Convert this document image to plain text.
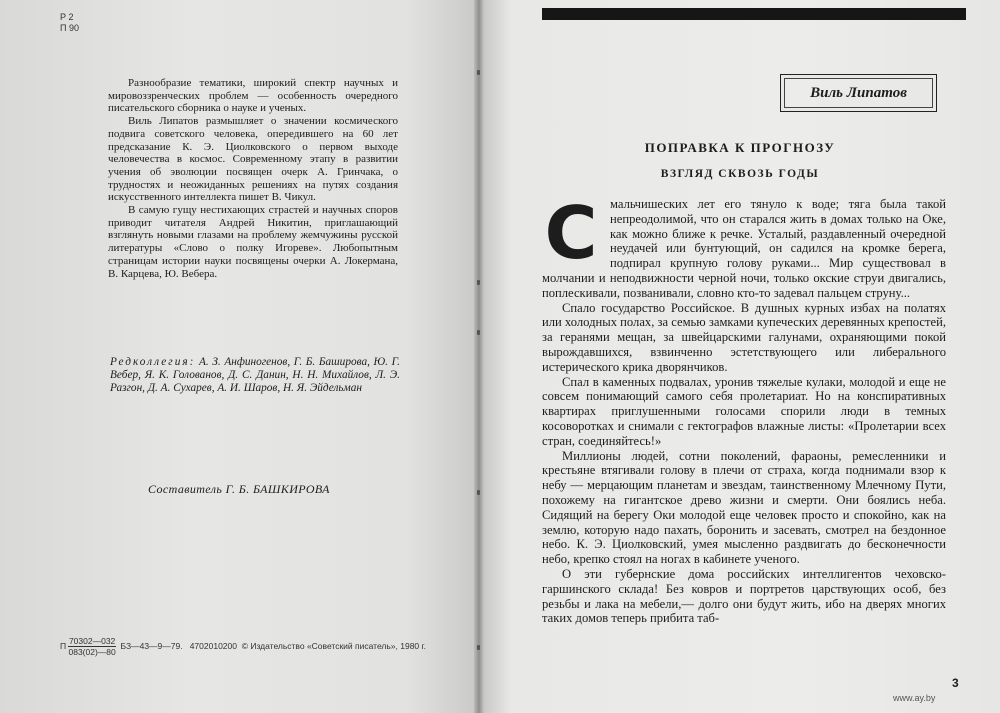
Р 2
П 90

Разнообразие тематики, широкий спектр научных и мировоззренческих проблем — особенность очередного писательского сборника о науке и ученых.

Виль Липатов размышляет о значении космического подвига советского человека, опередившего на 60 лет предсказание К. Э. Циолковского о первом выходе человечества в космос. Современному этапу в развитии учения об эволюции посвящен очерк А. Гринчака, о трудностях и неожиданных решениях на путях создания искусственного интеллекта пишет В. Чикул.

В самую гущу нестихающих страстей и научных споров приводит читателя Андрей Никитин, приглашающий взглянуть новыми глазами на проблему жемчужины русской литературы «Слово о полку Игореве». Любопытным страницам истории науки посвящены очерки А. Локермана, В. Карцева, Ю. Вебера.

Редколлегия: А. З. Анфиногенов, Г. Б. Баширова, Ю. Г. Вебер, Я. К. Голованов, Д. С. Данин, Н. Н. Михайлов, Л. Э. Разгон, Д. А. Сухарев, А. И. Шаров, Н. Я. Эйдельман
Составитель Г. Б. БАШКИРОВА
П $\frac{70302—032}{083(02)—80}$ БЗ—43—9—79. 4702010200 © Издательство «Советский писатель», 1980 г.
Виль Липатов
ПОПРАВКА К ПРОГНОЗУ
ВЗГЛЯД СКВОЗЬ ГОДЫ

Смальчишеских лет его тянуло к воде; тяга была такой непреодолимой, что он старался жить в домах только на Оке, как можно ближе к речке. Усталый, раздавленный очередной неудачей или бунтующий, он садился на кромке берега, подпирал крупную голову руками... Мир существовал в молчании и неподвижности черной ночи, только окские струи двигались, поплескивали, позванивали, словно кто-то задевал пальцем струну...

Спало государство Российское. В душных курных избах на полатях или холодных полах, за семью замками купеческих деревянных крепостей, за геранями мещан, за швейцарскими галунами, охраняющими покой вырождавшихся, взвинченно эстетствующего или либерального истерического крика дворянчиков.

Спал в каменных подвалах, уронив тяжелые кулаки, молодой и еще не совсем понимающий самого себя пролетариат. Но на конспиративных квартирах приглушенными голосами спорили люди в темных косоворотках и снимали с гектографов влажные листы: «Пролетарии всех стран, соединяйтесь!»

Миллионы людей, сотни поколений, фараоны, ремесленники и крестьяне втягивали голову в плечи от страха, когда поднимали взор к небу — мерцающим планетам и звездам, таинственному Млечному Пути, похожему на гигантское древо жизни и смерти. Они боялись неба. Сидящий на берегу Оки молодой еще человек просто и спокойно, как на землю, которую надо пахать, боронить и засевать, смотрел на бездонное небо. К. Э. Циолковский, умея мысленно раздвигать до бесконечности небо, крепко стоял на ногах в кабинете ученого.

О эти губернские дома российских интеллигентов чеховско-гаршинского склада! Без ковров и портретов царствующих особ, без резьбы и лака на мебели,— долго они будут жить, ибо на дверях многих таких домов теперь прибита таб-

3
www.ay.by
